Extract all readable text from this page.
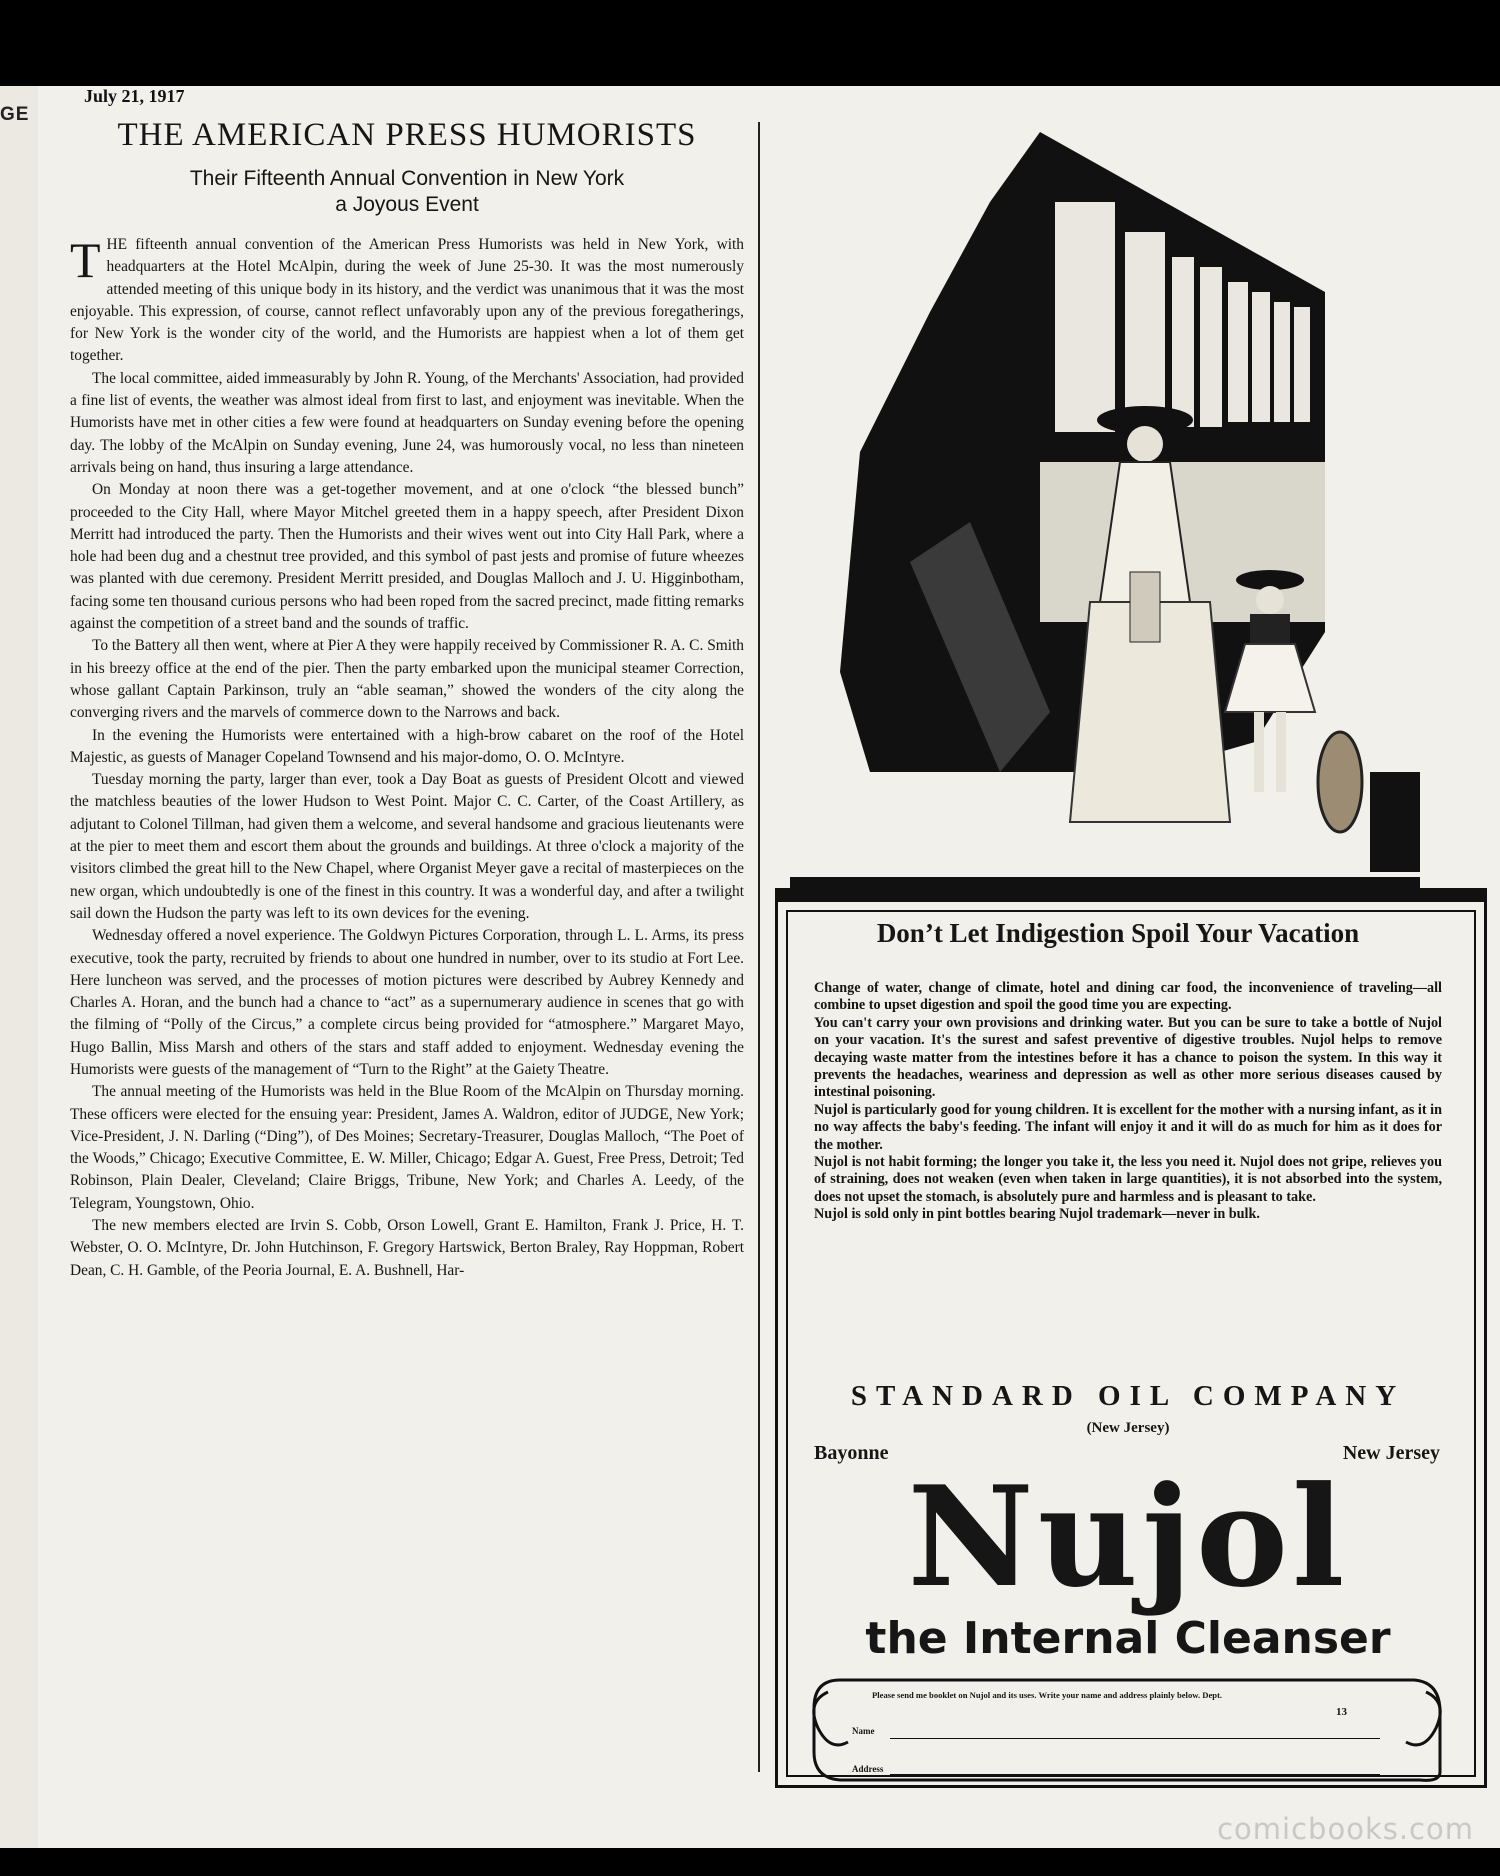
GE
July 21, 1917
THE AMERICAN PRESS HUMORISTS
Their Fifteenth Annual Convention in New York
a Joyous Event

THE fifteenth annual convention of the American Press Humorists was held in New York, with headquarters at the Hotel McAlpin, during the week of June 25-30. It was the most numerously attended meeting of this unique body in its history, and the verdict was unanimous that it was the most enjoyable. This expression, of course, cannot reflect unfavorably upon any of the previous foregatherings, for New York is the wonder city of the world, and the Humorists are happiest when a lot of them get together.

The local committee, aided immeasurably by John R. Young, of the Merchants' Association, had provided a fine list of events, the weather was almost ideal from first to last, and enjoyment was inevitable. When the Humorists have met in other cities a few were found at headquarters on Sunday evening before the opening day. The lobby of the McAlpin on Sunday evening, June 24, was humorously vocal, no less than nineteen arrivals being on hand, thus insuring a large attendance.

On Monday at noon there was a get-together movement, and at one o'clock “the blessed bunch” proceeded to the City Hall, where Mayor Mitchel greeted them in a happy speech, after President Dixon Merritt had introduced the party. Then the Humorists and their wives went out into City Hall Park, where a hole had been dug and a chestnut tree provided, and this symbol of past jests and promise of future wheezes was planted with due ceremony. President Merritt presided, and Douglas Malloch and J. U. Higginbotham, facing some ten thousand curious persons who had been roped from the sacred precinct, made fitting remarks against the competition of a street band and the sounds of traffic.

To the Battery all then went, where at Pier A they were happily received by Commissioner R. A. C. Smith in his breezy office at the end of the pier. Then the party embarked upon the municipal steamer Correction, whose gallant Captain Parkinson, truly an “able seaman,” showed the wonders of the city along the converging rivers and the marvels of commerce down to the Narrows and back.

In the evening the Humorists were entertained with a high-brow cabaret on the roof of the Hotel Majestic, as guests of Manager Copeland Townsend and his major-domo, O. O. McIntyre.

Tuesday morning the party, larger than ever, took a Day Boat as guests of President Olcott and viewed the matchless beauties of the lower Hudson to West Point. Major C. C. Carter, of the Coast Artillery, as adjutant to Colonel Tillman, had given them a welcome, and several handsome and gracious lieutenants were at the pier to meet them and escort them about the grounds and buildings. At three o'clock a majority of the visitors climbed the great hill to the New Chapel, where Organist Meyer gave a recital of masterpieces on the new organ, which undoubtedly is one of the finest in this country. It was a wonderful day, and after a twilight sail down the Hudson the party was left to its own devices for the evening.

Wednesday offered a novel experience. The Goldwyn Pictures Corporation, through L. L. Arms, its press executive, took the party, recruited by friends to about one hundred in number, over to its studio at Fort Lee. Here luncheon was served, and the processes of motion pictures were described by Aubrey Kennedy and Charles A. Horan, and the bunch had a chance to “act” as a supernumerary audience in scenes that go with the filming of “Polly of the Circus,” a complete circus being provided for “atmosphere.” Margaret Mayo, Hugo Ballin, Miss Marsh and others of the stars and staff added to enjoyment. Wednesday evening the Humorists were guests of the management of “Turn to the Right” at the Gaiety Theatre.

The annual meeting of the Humorists was held in the Blue Room of the McAlpin on Thursday morning. These officers were elected for the ensuing year: President, James A. Waldron, editor of JUDGE, New York; Vice-President, J. N. Darling (“Ding”), of Des Moines; Secretary-Treasurer, Douglas Malloch, “The Poet of the Woods,” Chicago; Executive Committee, E. W. Miller, Chicago; Edgar A. Guest, Free Press, Detroit; Ted Robinson, Plain Dealer, Cleveland; Claire Briggs, Tribune, New York; and Charles A. Leedy, of the Telegram, Youngstown, Ohio.

The new members elected are Irvin S. Cobb, Orson Lowell, Grant E. Hamilton, Frank J. Price, H. T. Webster, O. O. McIntyre, Dr. John Hutchinson, F. Gregory Hartswick, Berton Braley, Ray Hoppman, Robert Dean, C. H. Gamble, of the Peoria Journal, E. A. Bushnell, Har-

Don’t Let Indigestion Spoil Your Vacation

Change of water, change of climate, hotel and dining car food, the inconvenience of traveling—all combine to upset digestion and spoil the good time you are expecting.

You can't carry your own provisions and drinking water. But you can be sure to take a bottle of Nujol on your vacation. It's the surest and safest preventive of digestive troubles. Nujol helps to remove decaying waste matter from the intestines before it has a chance to poison the system. In this way it prevents the headaches, weariness and depression as well as other more serious diseases caused by intestinal poisoning.

Nujol is particularly good for young children. It is excellent for the mother with a nursing infant, as it in no way affects the baby's feeding. The infant will enjoy it and it will do as much for him as it does for the mother.

Nujol is not habit forming; the longer you take it, the less you need it. Nujol does not gripe, relieves you of straining, does not weaken (even when taken in large quantities), it is not absorbed into the system, does not upset the stomach, is absolutely pure and harmless and is pleasant to take.

Nujol is sold only in pint bottles bearing Nujol trademark—never in bulk.

STANDARD OIL COMPANY
(New Jersey)
Bayonne	New Jersey
Nujol
the Internal Cleanser
Please send me booklet on Nujol and its uses. Write your name and address plainly below. Dept.
13
Name
Address
comicbooks.com
